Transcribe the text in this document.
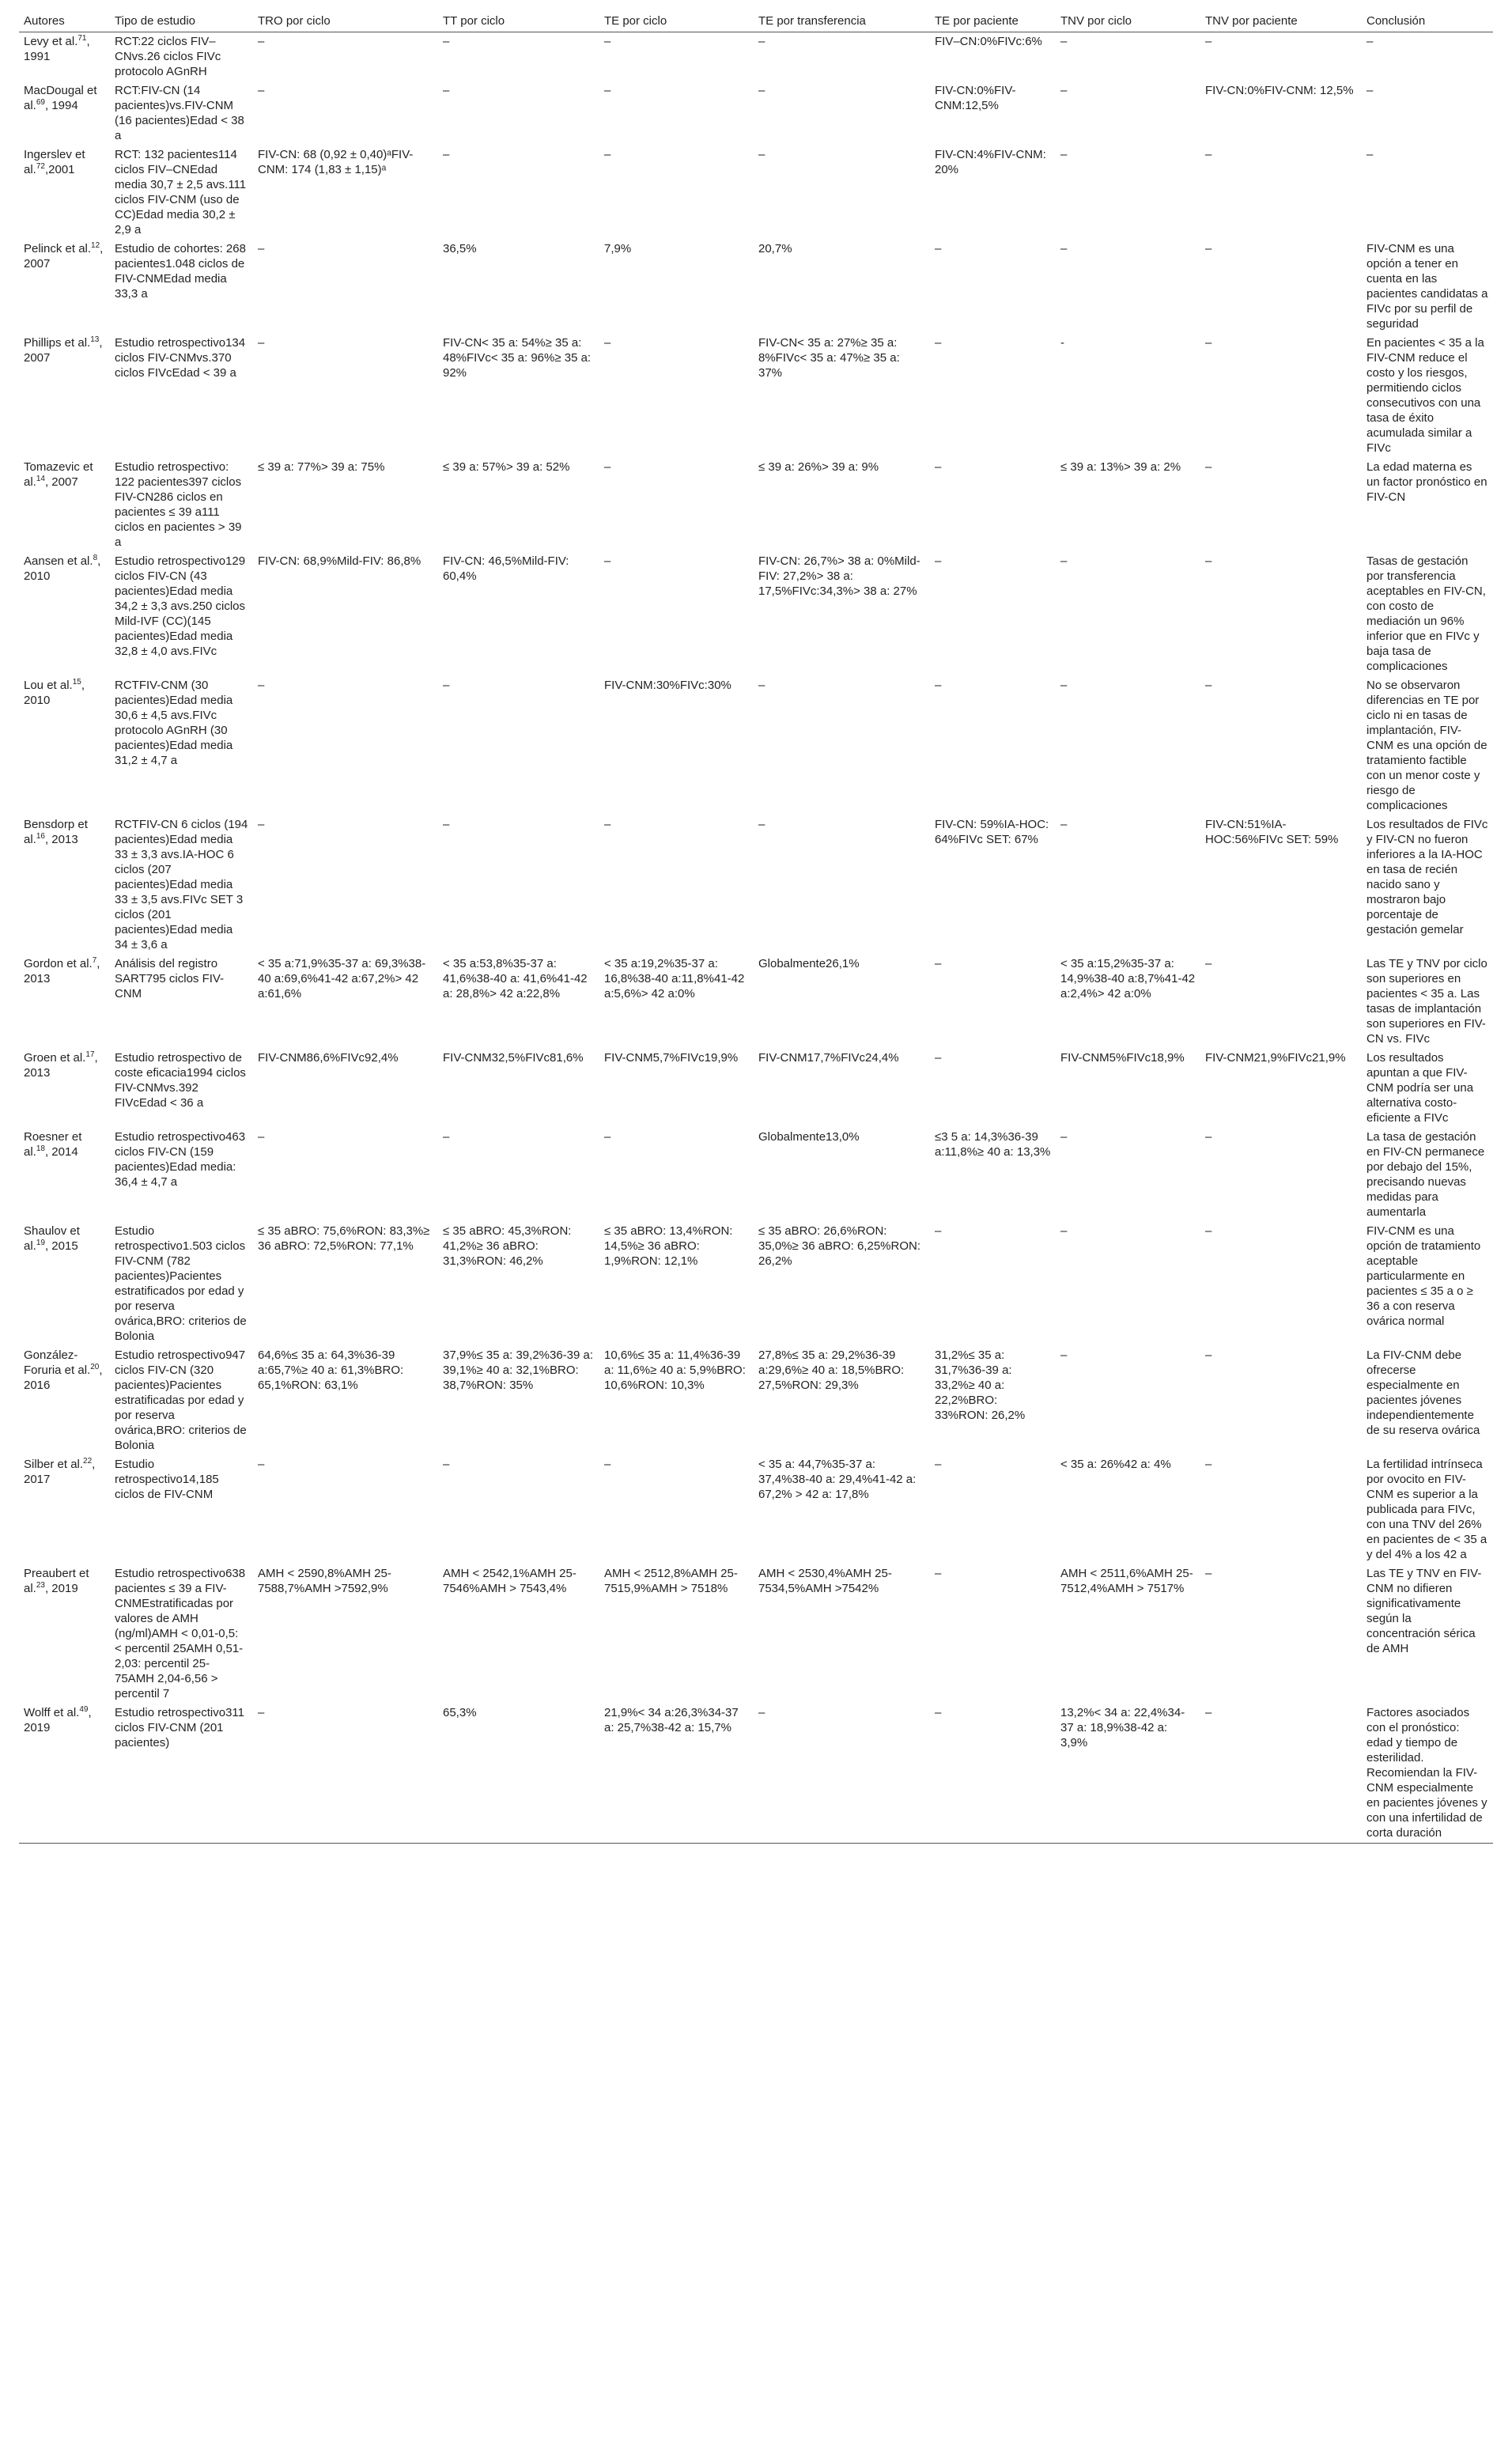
Autores	Tipo de estudio	TRO por ciclo	TT por ciclo	TE por ciclo	TE por transferencia	TE por paciente	TNV por ciclo	TNV por paciente	Conclusión
Levy et al.$^{71}$, 1991	RCT:22 ciclos FIV–CNvs.26 ciclos FIVc protocolo AGnRH	–	–	–	–	FIV–CN:0%FIVc:6%	–	–	–
MacDougal et al.$^{69}$, 1994	RCT:FIV-CN (14 pacientes)vs.FIV-CNM (16 pacientes)Edad < 38 a	–	–	–	–	FIV-CN:0%FIV-CNM:12,5%	–	FIV-CN:0%FIV-CNM: 12,5%	–
Ingerslev et al.$^{72}$,2001	RCT: 132 pacientes114 ciclos FIV–CNEdad media 30,7 ± 2,5 avs.111 ciclos FIV-CNM (uso de CC)Edad media 30,2 ± 2,9 a	FIV-CN: 68 (0,92 ± 0,40)ᵃFIV-CNM: 174 (1,83 ± 1,15)ᵃ	–	–	–	FIV-CN:4%FIV-CNM: 20%	–	–	–
Pelinck et al.$^{12}$, 2007	Estudio de cohortes: 268 pacientes1.048 ciclos de FIV-CNMEdad media 33,3 a	–	36,5%	7,9%	20,7%	–	–	–	FIV-CNM es una opción a tener en cuenta en las pacientes candidatas a FIVc por su perfil de seguridad
Phillips et al.$^{13}$, 2007	Estudio retrospectivo134 ciclos FIV-CNMvs.370 ciclos FIVcEdad < 39 a	–	FIV-CN< 35 a: 54%≥ 35 a: 48%FIVc< 35 a: 96%≥ 35 a: 92%	–	FIV-CN< 35 a: 27%≥ 35 a: 8%FIVc< 35 a: 47%≥ 35 a: 37%	–	-	–	En pacientes < 35 a la FIV-CNM reduce el costo y los riesgos, permitiendo ciclos consecutivos con una tasa de éxito acumulada similar a FIVc
Tomazevic et al.$^{14}$, 2007	Estudio retrospectivo: 122 pacientes397 ciclos FIV-CN286 ciclos en pacientes ≤ 39 a111 ciclos en pacientes > 39 a	≤ 39 a: 77%> 39 a: 75%	≤ 39 a: 57%> 39 a: 52%	–	≤ 39 a: 26%> 39 a: 9%	–	≤ 39 a: 13%> 39 a: 2%	–	La edad materna es un factor pronóstico en FIV-CN
Aansen et al.$^8$, 2010	Estudio retrospectivo129 ciclos FIV-CN (43 pacientes)Edad media 34,2 ± 3,3 avs.250 ciclos Mild-IVF (CC)(145 pacientes)Edad media 32,8 ± 4,0 avs.FIVc	FIV-CN: 68,9%Mild-FIV: 86,8%	FIV-CN: 46,5%Mild-FIV: 60,4%	–	FIV-CN: 26,7%> 38 a: 0%Mild-FIV: 27,2%> 38 a: 17,5%FIVc:34,3%> 38 a: 27%	–	–	–	Tasas de gestación por transferencia aceptables en FIV-CN, con costo de mediación un 96% inferior que en FIVc y baja tasa de complicaciones
Lou et al.$^{15}$, 2010	RCTFIV-CNM (30 pacientes)Edad media 30,6 ± 4,5 avs.FIVc protocolo AGnRH (30 pacientes)Edad media 31,2 ± 4,7 a	–	–	FIV-CNM:30%FIVc:30%	–	–	–	–	No se observaron diferencias en TE por ciclo ni en tasas de implantación, FIV-CNM es una opción de tratamiento factible con un menor coste y riesgo de complicaciones
Bensdorp et al.$^{16}$, 2013	RCTFIV-CN 6 ciclos (194 pacientes)Edad media 33 ± 3,3 avs.IA-HOC 6 ciclos (207 pacientes)Edad media 33 ± 3,5 avs.FIVc SET 3 ciclos (201 pacientes)Edad media 34 ± 3,6 a	–	–	–	–	FIV-CN: 59%IA-HOC: 64%FIVc SET: 67%	–	FIV-CN:51%IA-HOC:56%FIVc SET: 59%	Los resultados de FIVc y FIV-CN no fueron inferiores a la IA-HOC en tasa de recién nacido sano y mostraron bajo porcentaje de gestación gemelar
Gordon et al.$^7$, 2013	Análisis del registro SART795 ciclos FIV-CNM	< 35 a:71,9%35-37 a: 69,3%38-40 a:69,6%41-42 a:67,2%> 42 a:61,6%	< 35 a:53,8%35-37 a: 41,6%38-40 a: 41,6%41-42 a: 28,8%> 42 a:22,8%	< 35 a:19,2%35-37 a: 16,8%38-40 a:11,8%41-42 a:5,6%> 42 a:0%	Globalmente26,1%	–	< 35 a:15,2%35-37 a: 14,9%38-40 a:8,7%41-42 a:2,4%> 42 a:0%	–	Las TE y TNV por ciclo son superiores en pacientes < 35 a. Las tasas de implantación son superiores en FIV-CN vs. FIVc
Groen et al.$^{17}$, 2013	Estudio retrospectivo de coste eficacia1994 ciclos FIV-CNMvs.392 FIVcEdad < 36 a	FIV-CNM86,6%FIVc92,4%	FIV-CNM32,5%FIVc81,6%	FIV-CNM5,7%FIVc19,9%	FIV-CNM17,7%FIVc24,4%	–	FIV-CNM5%FIVc18,9%	FIV-CNM21,9%FIVc21,9%	Los resultados apuntan a que FIV-CNM podría ser una alternativa costo-eficiente a FIVc
Roesner et al.$^{18}$, 2014	Estudio retrospectivo463 ciclos FIV-CN (159 pacientes)Edad media: 36,4 ± 4,7 a	–	–	–	Globalmente13,0%	≤3 5 a: 14,3%36-39 a:11,8%≥ 40 a: 13,3%	–	–	La tasa de gestación en FIV-CN permanece por debajo del 15%, precisando nuevas medidas para aumentarla
Shaulov et al.$^{19}$, 2015	Estudio retrospectivo1.503 ciclos FIV-CNM (782 pacientes)Pacientes estratificados por edad y por reserva ovárica,BRO: criterios de Bolonia	≤ 35 aBRO: 75,6%RON: 83,3%≥ 36 aBRO: 72,5%RON: 77,1%	≤ 35 aBRO: 45,3%RON: 41,2%≥ 36 aBRO: 31,3%RON: 46,2%	≤ 35 aBRO: 13,4%RON: 14,5%≥ 36 aBRO: 1,9%RON: 12,1%	≤ 35 aBRO: 26,6%RON: 35,0%≥ 36 aBRO: 6,25%RON: 26,2%	–	–	–	FIV-CNM es una opción de tratamiento aceptable particularmente en pacientes ≤ 35 a o ≥ 36 a con reserva ovárica normal
González-Foruria et al.$^{20}$, 2016	Estudio retrospectivo947 ciclos FIV-CN (320 pacientes)Pacientes estratificadas por edad y por reserva ovárica,BRO: criterios de Bolonia	64,6%≤ 35 a: 64,3%36-39 a:65,7%≥ 40 a: 61,3%BRO: 65,1%RON: 63,1%	37,9%≤ 35 a: 39,2%36-39 a: 39,1%≥ 40 a: 32,1%BRO: 38,7%RON: 35%	10,6%≤ 35 a: 11,4%36-39 a: 11,6%≥ 40 a: 5,9%BRO: 10,6%RON: 10,3%	27,8%≤ 35 a: 29,2%36-39 a:29,6%≥ 40 a: 18,5%BRO: 27,5%RON: 29,3%	31,2%≤ 35 a: 31,7%36-39 a: 33,2%≥ 40 a: 22,2%BRO: 33%RON: 26,2%	–	–	La FIV-CNM debe ofrecerse especialmente en pacientes jóvenes independientemente de su reserva ovárica
Silber et al.$^{22}$, 2017	Estudio retrospectivo14,185 ciclos de FIV-CNM	–	–	–	< 35 a: 44,7%35-37 a: 37,4%38-40 a: 29,4%41-42 a: 67,2% > 42 a: 17,8%	–	< 35 a: 26%42 a: 4%	–	La fertilidad intrínseca por ovocito en FIV-CNM es superior a la publicada para FIVc, con una TNV del 26% en pacientes de < 35 a y del 4% a los 42 a
Preaubert et al.$^{23}$, 2019	Estudio retrospectivo638 pacientes ≤ 39 a FIV-CNMEstratificadas por valores de AMH (ng/ml)AMH < 0,01-0,5: < percentil 25AMH 0,51-2,03: percentil 25-75AMH 2,04-6,56 > percentil 7	AMH < 2590,8%AMH 25-7588,7%AMH >7592,9%	AMH < 2542,1%AMH 25-7546%AMH > 7543,4%	AMH < 2512,8%AMH 25-7515,9%AMH > 7518%	AMH < 2530,4%AMH 25-7534,5%AMH >7542%	–	AMH < 2511,6%AMH 25-7512,4%AMH > 7517%	–	Las TE y TNV en FIV-CNM no difieren significativamente según la concentración sérica de AMH
Wolff et al.$^{49}$, 2019	Estudio retrospectivo311 ciclos FIV-CNM (201 pacientes)	–	65,3%	21,9%< 34 a:26,3%34-37 a: 25,7%38-42 a: 15,7%	–	–	13,2%< 34 a: 22,4%34-37 a: 18,9%38-42 a: 3,9%	–	Factores asociados con el pronóstico: edad y tiempo de esterilidad. Recomiendan la FIV-CNM especialmente en pacientes jóvenes y con una infertilidad de corta duración
